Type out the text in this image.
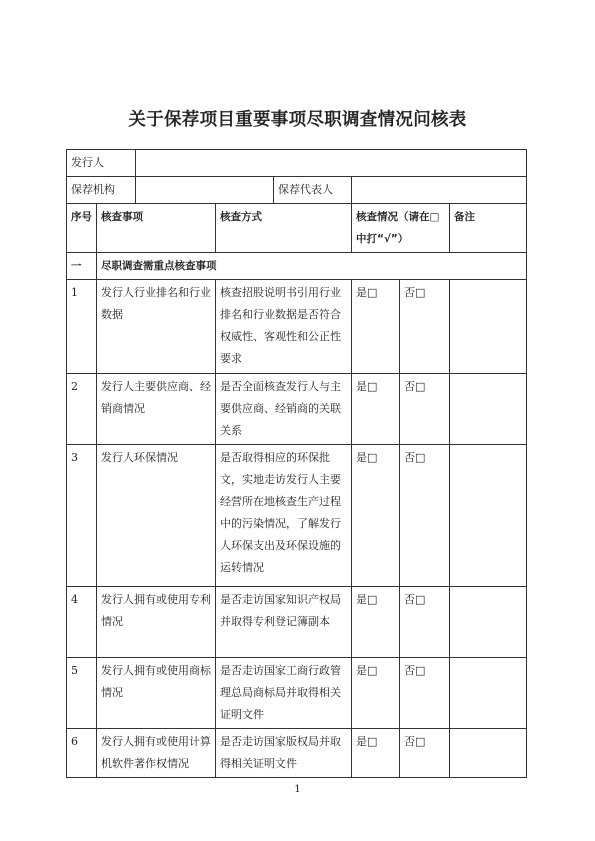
关于保荐项目重要事项尽职调查情况问核表
发行人							
保荐机构				保荐代表人			
序号	核查事项		核查方式		核查情况（请在□中打“√”）		备注
一	尽职调查需重点核查事项						
1	发行人行业排名和行业数据		核查招股说明书引用行业排名和行业数据是否符合权威性、客观性和公正性要求		是□	否□	
2	发行人主要供应商、经销商情况		是否全面核查发行人与主要供应商、经销商的关联关系		是□	否□	
3	发行人环保情况		是否取得相应的环保批文，实地走访发行人主要经营所在地核查生产过程中的污染情况，了解发行人环保支出及环保设施的运转情况		是□	否□	
4	发行人拥有或使用专利情况		是否走访国家知识产权局并取得专利登记簿副本		是□	否□	
5	发行人拥有或使用商标情况		是否走访国家工商行政管理总局商标局并取得相关证明文件		是□	否□	
6	发行人拥有或使用计算机软件著作权情况		是否走访国家版权局并取得相关证明文件		是□	否□	
1
